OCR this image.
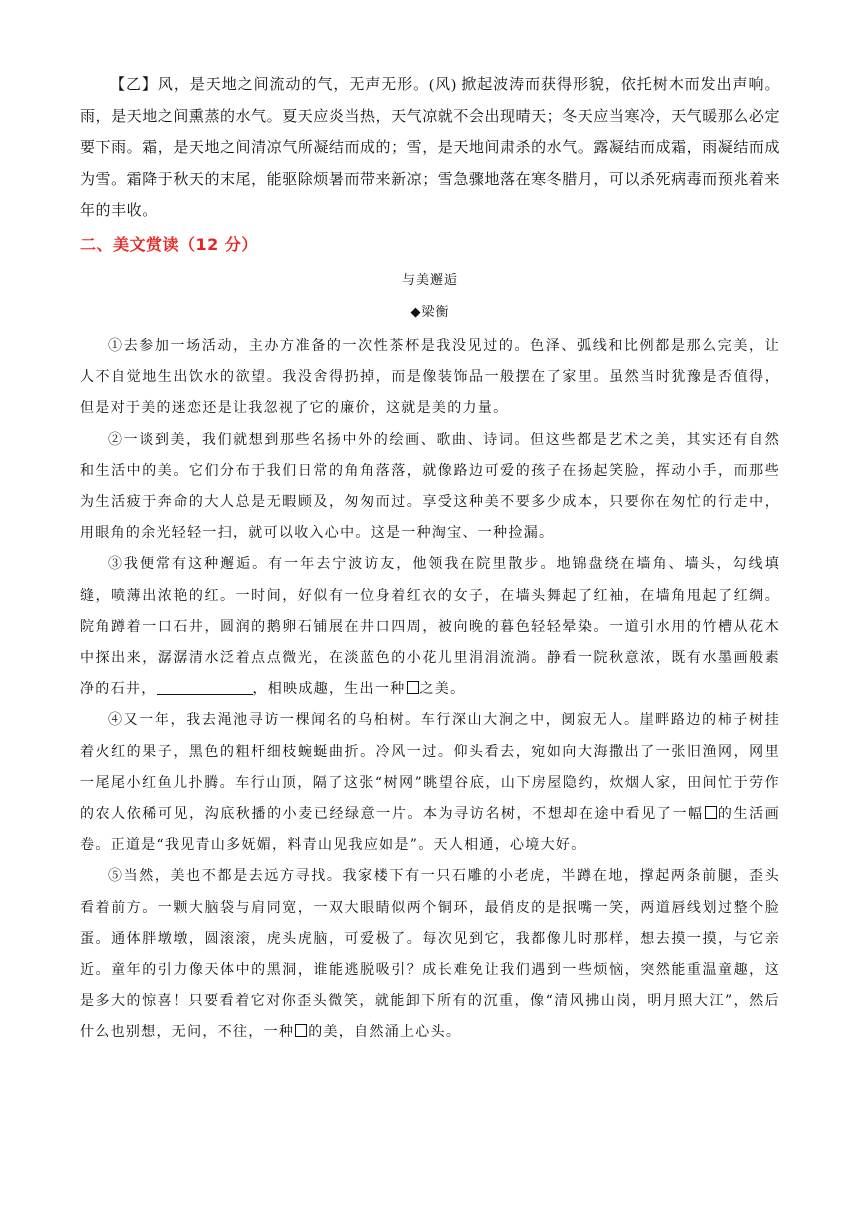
【乙】风，是天地之间流动的气，无声无形。(风) 掀起波涛而获得形貌，依托树木而发出声响。雨，是天地之间熏蒸的水气。夏天应炎当热，天气凉就不会出现晴天；冬天应当寒冷，天气暖那么必定要下雨。霜，是天地之间清凉气所凝结而成的；雪，是天地间肃杀的水气。露凝结而成霜，雨凝结而成为雪。霜降于秋天的末尾，能驱除烦暑而带来新凉；雪急骤地落在寒冬腊月，可以杀死病毒而预兆着来年的丰收。

二、美文赏读（12 分）
与美邂逅
◆梁衡

①去参加一场活动，主办方准备的一次性茶杯是我没见过的。色泽、弧线和比例都是那么完美，让人不自觉地生出饮水的欲望。我没舍得扔掉，而是像装饰品一般摆在了家里。虽然当时犹豫是否值得，但是对于美的迷恋还是让我忽视了它的廉价，这就是美的力量。

②一谈到美，我们就想到那些名扬中外的绘画、歌曲、诗词。但这些都是艺术之美，其实还有自然和生活中的美。它们分布于我们日常的角角落落，就像路边可爱的孩子在扬起笑脸，挥动小手，而那些为生活疲于奔命的大人总是无暇顾及，匆匆而过。享受这种美不要多少成本，只要你在匆忙的行走中，用眼角的余光轻轻一扫，就可以收入心中。这是一种淘宝、一种捡漏。

③我便常有这种邂逅。有一年去宁波访友，他领我在院里散步。地锦盘绕在墙角、墙头，勾线填缝，喷薄出浓艳的红。一时间，好似有一位身着红衣的女子，在墙头舞起了红袖，在墙角甩起了红绸。院角蹲着一口石井，圆润的鹅卵石铺展在井口四周，被向晚的暮色轻轻晕染。一道引水用的竹槽从花木中探出来，潺潺清水泛着点点微光，在淡蓝色的小花儿里涓涓流淌。静看一院秋意浓，既有水墨画般素净的石井，	，相映成趣，生出一种 之美。

④又一年，我去渑池寻访一棵闻名的乌桕树。车行深山大涧之中，阒寂无人。崖畔路边的柿子树挂着火红的果子，黑色的粗杆细枝蜿蜒曲折。冷风一过。仰头看去，宛如向大海撒出了一张旧渔网，网里一尾尾小红鱼儿扑腾。车行山顶，隔了这张“树网”眺望谷底，山下房屋隐约，炊烟人家，田间忙于劳作的农人依稀可见，沟底秋播的小麦已经绿意一片。本为寻访名树，不想却在途中看见了一幅 的生活画卷。正道是“我见青山多妩媚，料青山见我应如是”。天人相通，心境大好。

⑤当然，美也不都是去远方寻找。我家楼下有一只石雕的小老虎，半蹲在地，撑起两条前腿，歪头看着前方。一颗大脑袋与肩同宽，一双大眼睛似两个铜环，最俏皮的是抿嘴一笑，两道唇线划过整个脸蛋。通体胖墩墩，圆滚滚，虎头虎脑，可爱极了。每次见到它，我都像儿时那样，想去摸一摸，与它亲近。童年的引力像天体中的黑洞，谁能逃脱吸引？成长难免让我们遇到一些烦恼，突然能重温童趣，这是多大的惊喜！只要看着它对你歪头微笑，就能卸下所有的沉重，像“清风拂山岗，明月照大江”，然后什么也别想，无问，不往，一种 的美，自然涌上心头。
